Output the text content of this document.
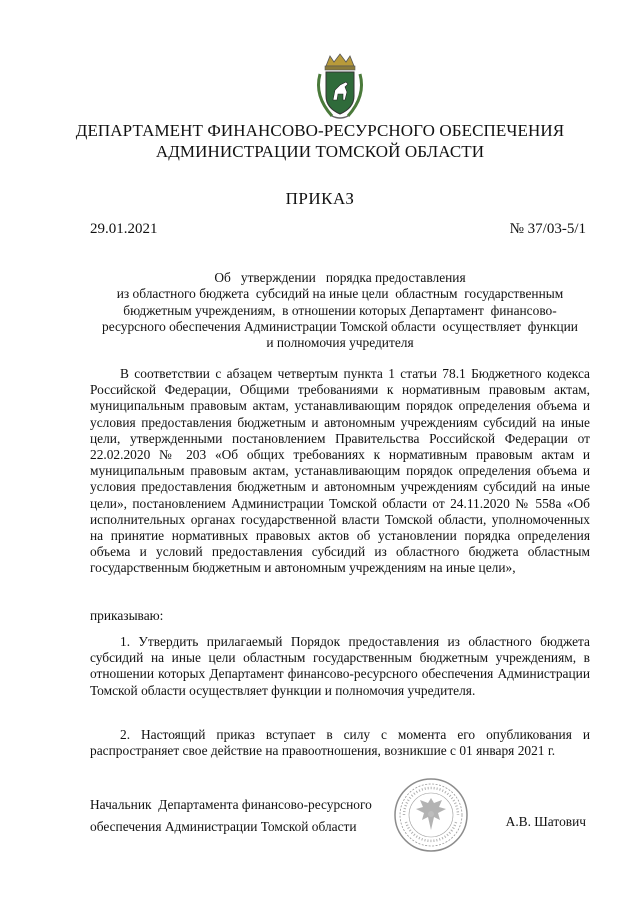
ДЕПАРТАМЕНТ ФИНАНСОВО-РЕСУРСНОГО ОБЕСПЕЧЕНИЯ
АДМИНИСТРАЦИИ ТОМСКОЙ ОБЛАСТИ
ПРИКАЗ
29.01.2021	№ 37/03-5/1
Об   утверждении   порядка предоставления
из областного бюджета  субсидий на иные цели  областным  государственным
бюджетным учреждениям,  в отношении которых Департамент  финансово-
ресурсного обеспечения Администрации Томской области  осуществляет  функции
и полномочия учредителя
В соответствии с абзацем четвертым пункта 1 статьи 78.1 Бюджетного кодекса Российской Федерации, Общими требованиями к нормативным правовым актам, муниципальным правовым актам, устанавливающим порядок определения объема и условия предоставления бюджетным и автономным учреждениям субсидий на иные цели, утвержденными постановлением Правительства Российской Федерации от 22.02.2020 № 203 «Об общих требованиях к нормативным правовым актам и муниципальным правовым актам, устанавливающим порядок определения объема и условия предоставления бюджетным и автономным учреждениям субсидий на иные цели», постановлением Администрации Томской области от 24.11.2020 № 558а «Об исполнительных органах государственной власти Томской области, уполномоченных на принятие нормативных правовых актов об установлении порядка определения объема и условий предоставления субсидий из областного бюджета областным государственным бюджетным и автономным учреждениям на иные цели»,
приказываю:
1. Утвердить прилагаемый Порядок предоставления из областного бюджета субсидий на иные цели областным государственным бюджетным учреждениям, в отношении которых Департамент финансово-ресурсного обеспечения Администрации Томской области осуществляет функции и полномочия учредителя.
2. Настоящий приказ вступает в силу с момента его опубликования и распространяет свое действие на правоотношения, возникшие с 01 января 2021 г.
Начальник  Департамента финансово-ресурсного
обеспечения Администрации Томской области	А.В. Шатович
